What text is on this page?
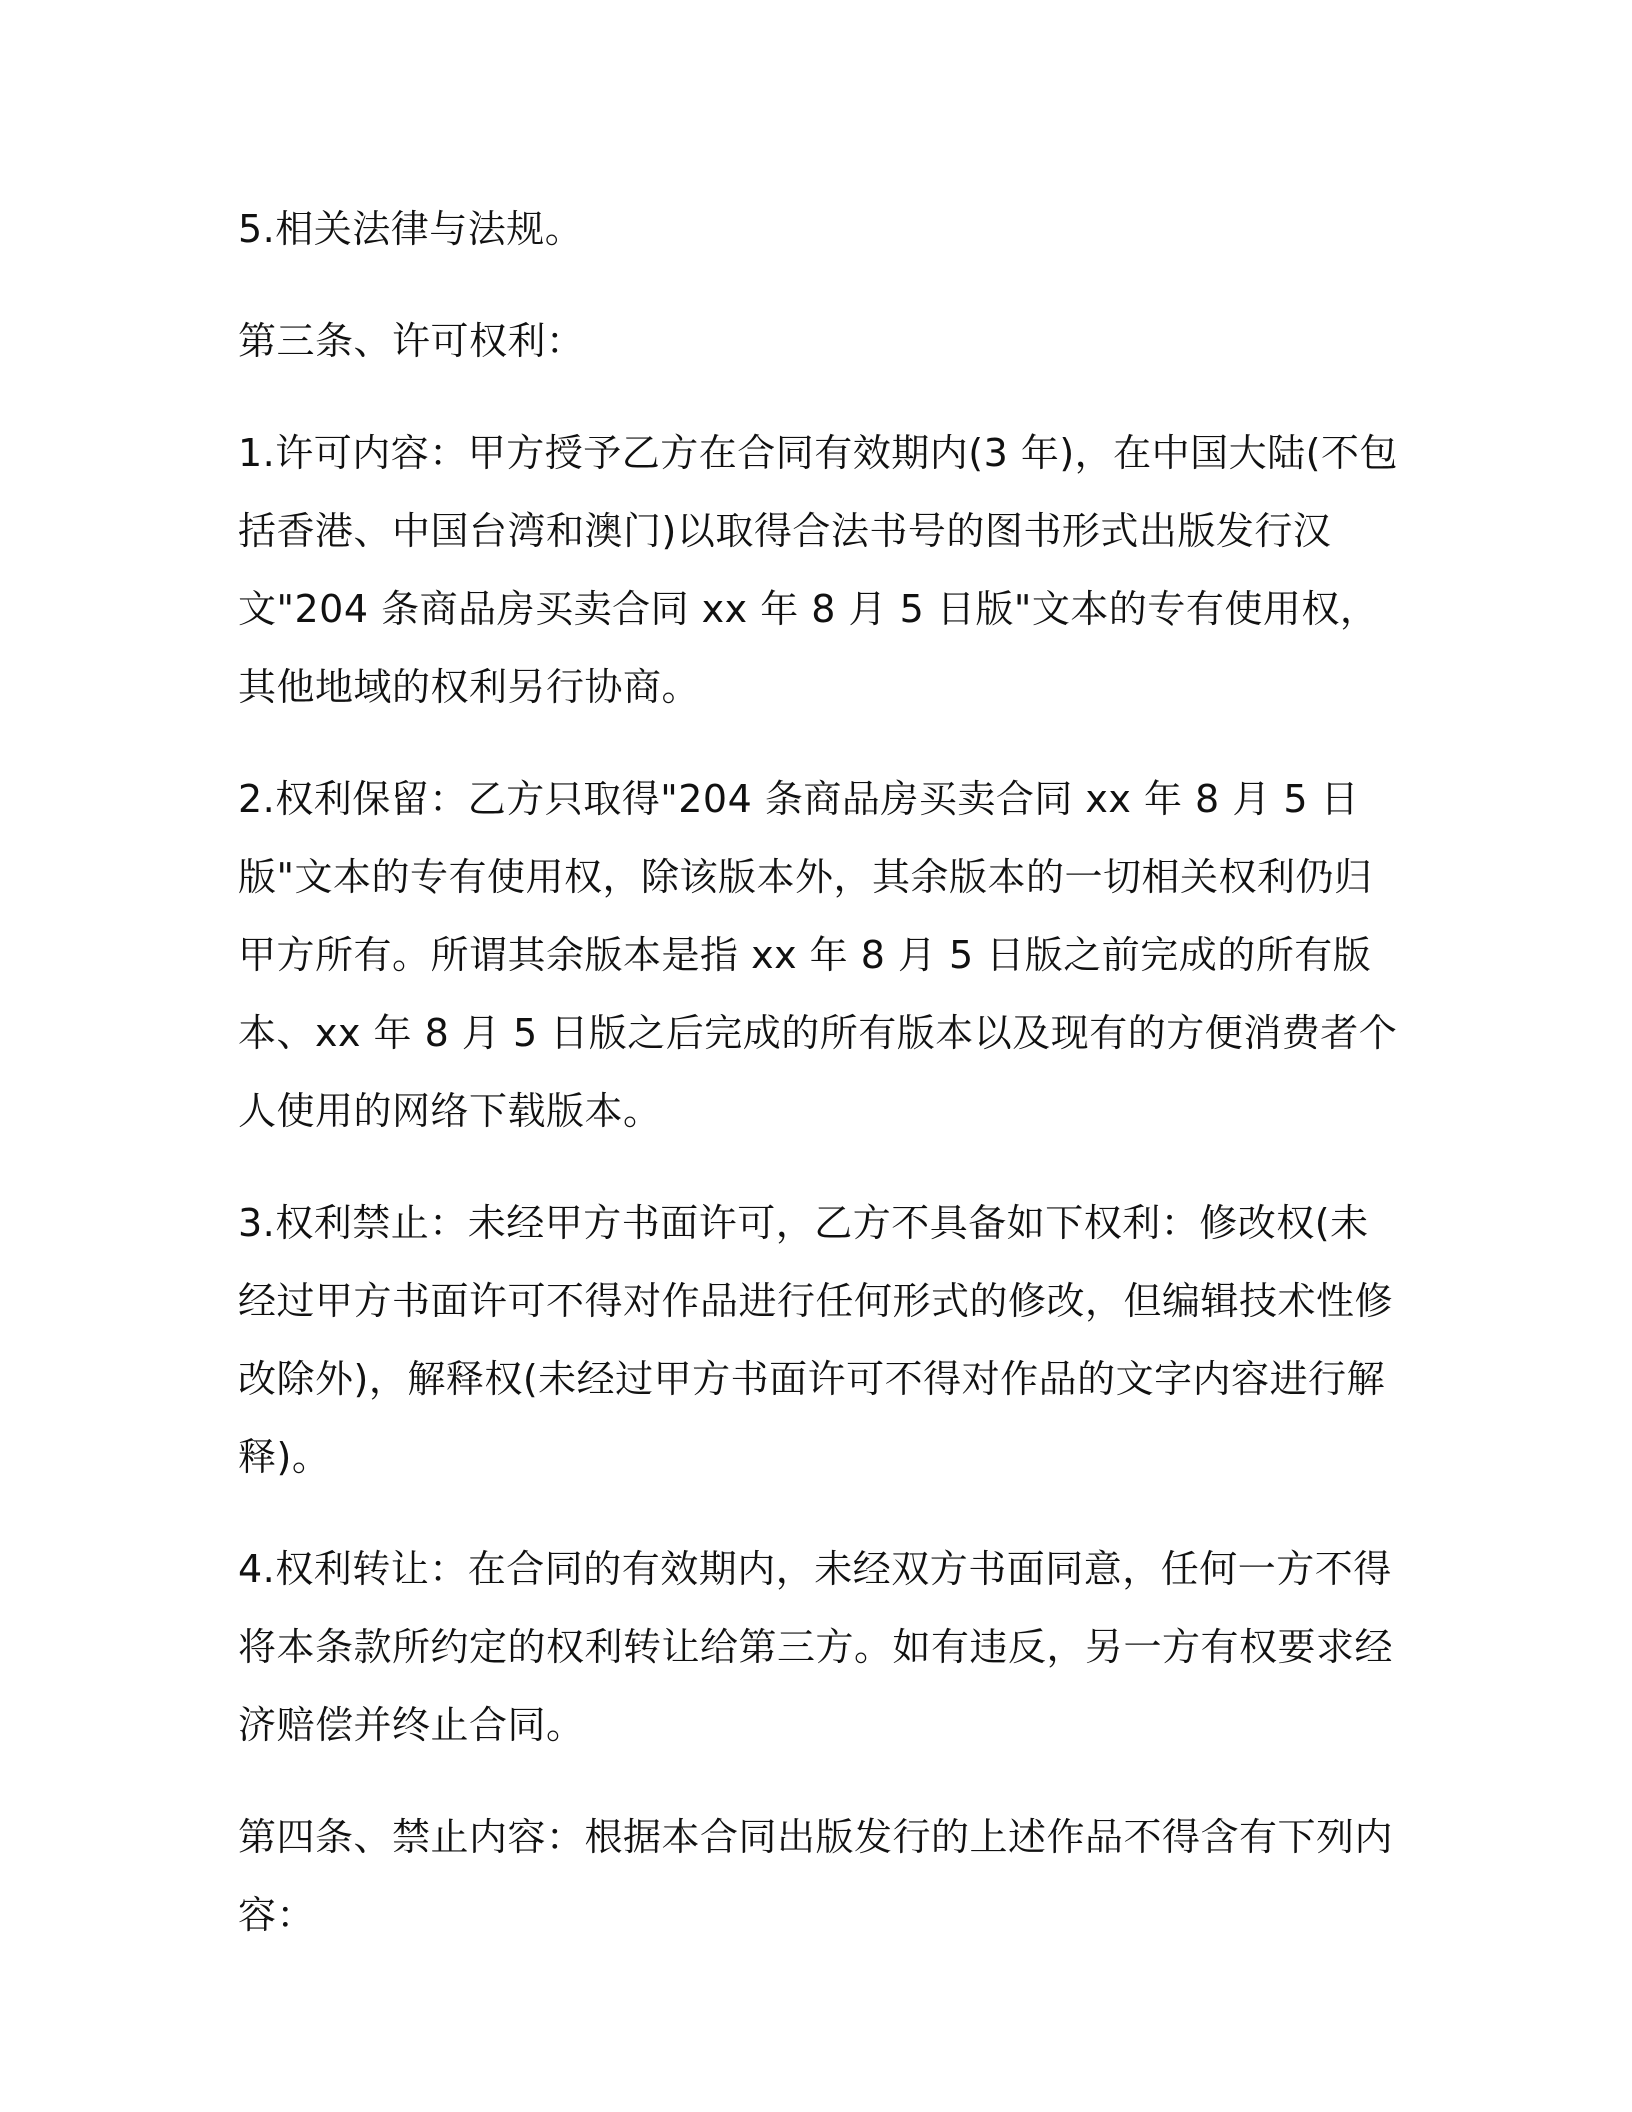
5.相关法律与法规。

第三条、许可权利：

1.许可内容：甲方授予乙方在合同有效期内(3 年)，在中国大陆(不包括香港、中国台湾和澳门)以取得合法书号的图书形式出版发行汉文"204 条商品房买卖合同 xx 年 8 月 5 日版"文本的专有使用权，其他地域的权利另行协商。

2.权利保留：乙方只取得"204 条商品房买卖合同 xx 年 8 月 5 日版"文本的专有使用权，除该版本外，其余版本的一切相关权利仍归甲方所有。所谓其余版本是指 xx 年 8 月 5 日版之前完成的所有版本、xx 年 8 月 5 日版之后完成的所有版本以及现有的方便消费者个人使用的网络下载版本。

3.权利禁止：未经甲方书面许可，乙方不具备如下权利：修改权(未经过甲方书面许可不得对作品进行任何形式的修改，但编辑技术性修改除外)，解释权(未经过甲方书面许可不得对作品的文字内容进行解释)。

4.权利转让：在合同的有效期内，未经双方书面同意，任何一方不得将本条款所约定的权利转让给第三方。如有违反，另一方有权要求经济赔偿并终止合同。

第四条、禁止内容：根据本合同出版发行的上述作品不得含有下列内容：
